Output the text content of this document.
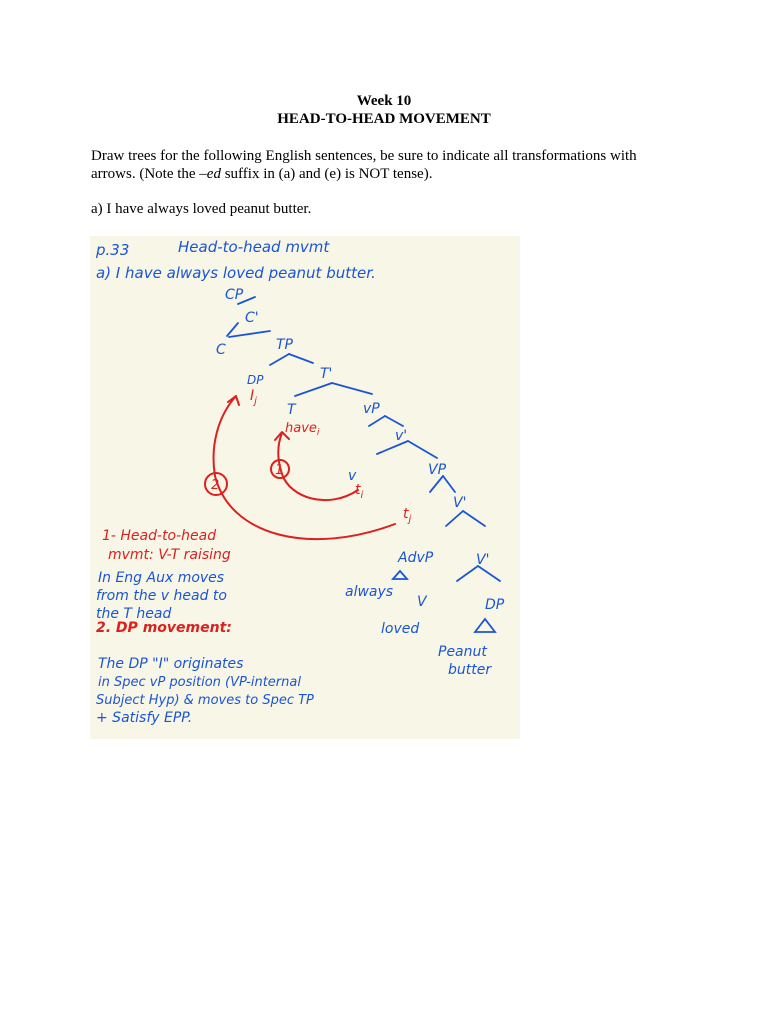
Week 10
HEAD-TO-HEAD MOVEMENT
Draw trees for the following English sentences, be sure to indicate all transformations with arrows. (Note the –ed suffix in (a) and (e) is NOT tense).
a) I have always loved peanut butter.
p.33	Head-to-head mvmt
a) I have always loved peanut butter.
CP
C'
C	TP
DP	T'
T	vP
v'
v	VP
V'
AdvP	V'
always
V	DP
loved
Peanut
butter
The DP "I" originates
in Spec vP position (VP-internal
Subject Hyp) & moves to Spec TP
+ Satisfy EPP.
1
2
$I_j$
have$_i$
$t_i$
$t_j$
1- Head-to-head
mvmt: V-T raising
2. DP movement:
In Eng Aux moves
from the v head to
the T head
